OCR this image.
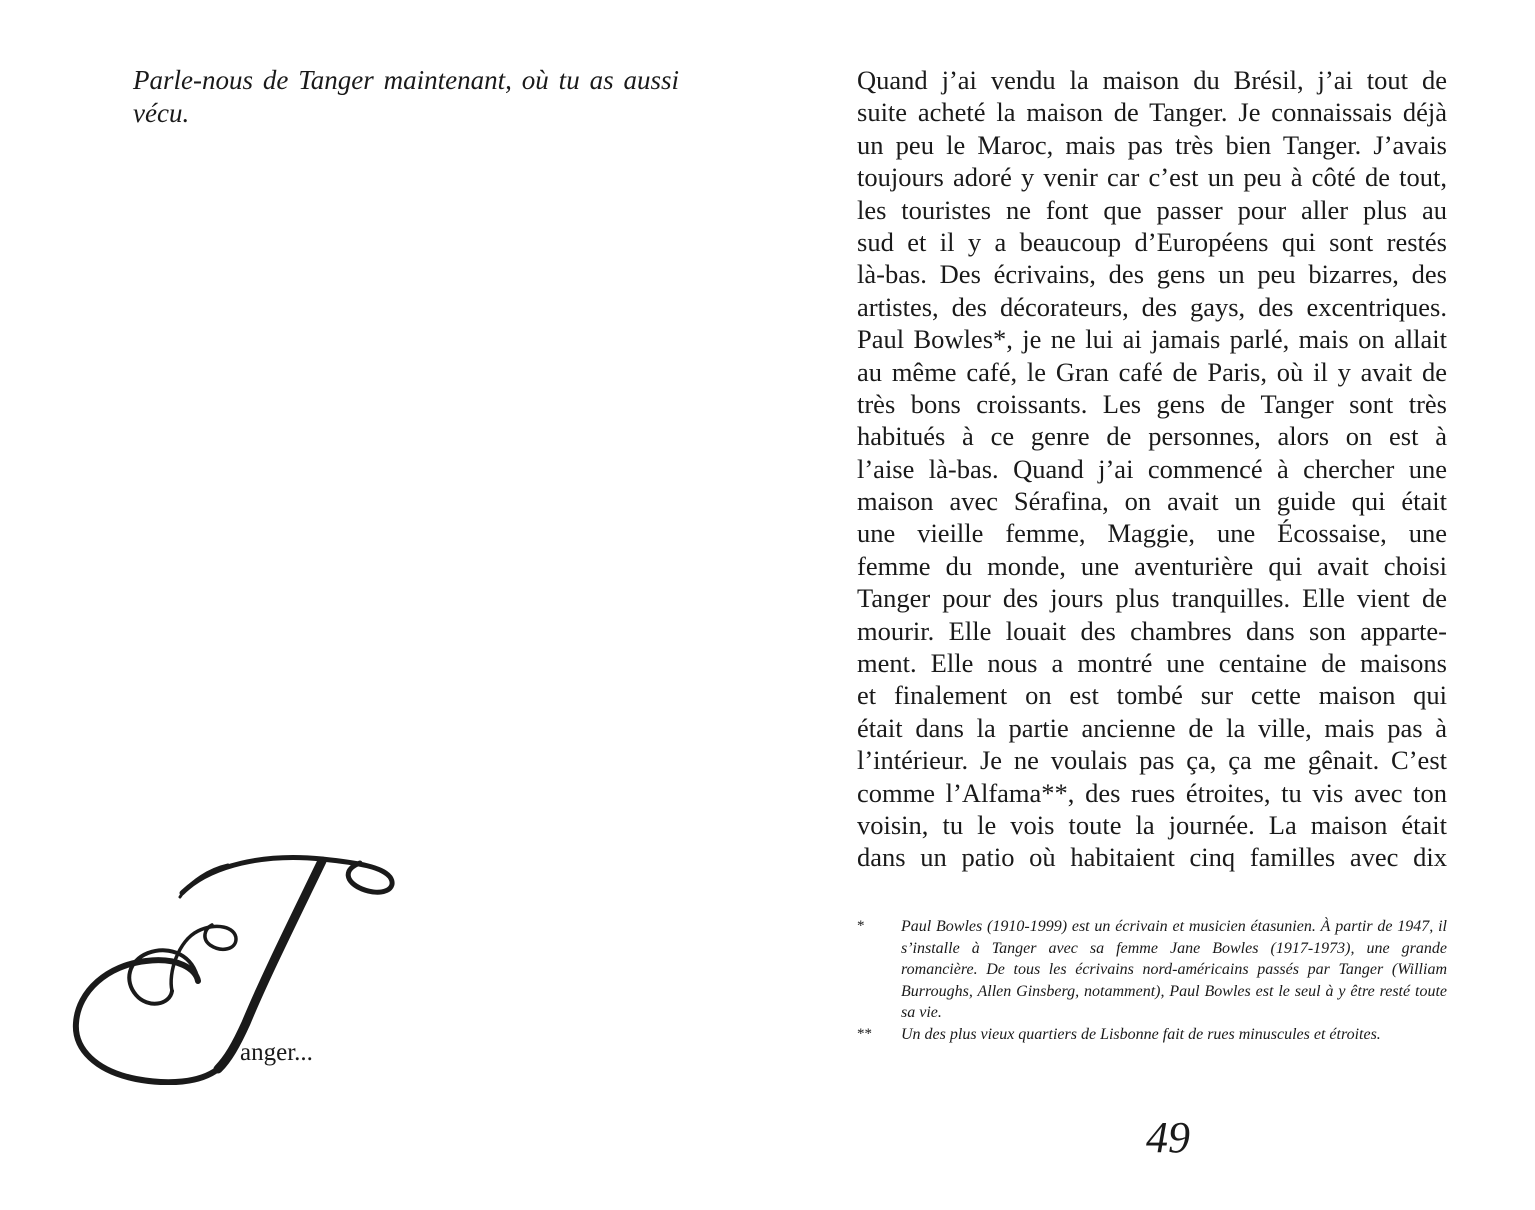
Parle-nous de Tanger maintenant, où tu as aussi vécu.

anger...
Quand j’ai vendu la maison du Brésil, j’ai tout de
suite acheté la maison de Tanger. Je connaissais déjà
un peu le Maroc, mais pas très bien Tanger. J’avais
toujours adoré y venir car c’est un peu à côté de tout,
les touristes ne font que passer pour aller plus au
sud et il y a beaucoup d’Européens qui sont restés
là-bas. Des écrivains, des gens un peu bizarres, des
artistes, des décorateurs, des gays, des excentriques.
Paul Bowles*, je ne lui ai jamais parlé, mais on allait
au même café, le Gran café de Paris, où il y avait de
très bons croissants. Les gens de Tanger sont très
habitués à ce genre de personnes, alors on est à
l’aise là-bas. Quand j’ai commencé à chercher une
maison avec Sérafina, on avait un guide qui était
une vieille femme, Maggie, une Écossaise, une
femme du monde, une aventurière qui avait choisi
Tanger pour des jours plus tranquilles. Elle vient de
mourir. Elle louait des chambres dans son apparte-
ment. Elle nous a montré une centaine de maisons
et finalement on est tombé sur cette maison qui
était dans la partie ancienne de la ville, mais pas à
l’intérieur. Je ne voulais pas ça, ça me gênait. C’est
comme l’Alfama**, des rues étroites, tu vis avec ton
voisin, tu le vois toute la journée. La maison était
dans un patio où habitaient cinq familles avec dix

* Paul Bowles (1910-1999) est un écrivain et musicien étasunien. À partir de 1947, il s’installe à Tanger avec sa femme Jane Bowles (1917-1973), une grande romancière. De tous les écrivains nord-américains passés par Tanger (William Burroughs, Allen Ginsberg, notamment), Paul Bowles est le seul à y être resté toute sa vie.

** Un des plus vieux quartiers de Lisbonne fait de rues minuscules et étroites.

49
